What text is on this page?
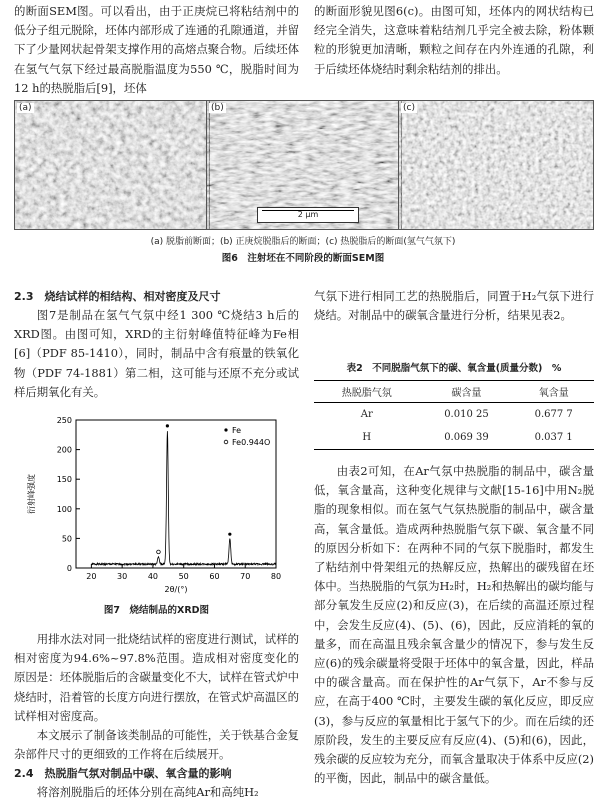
的断面SEM图。可以看出，由于正庚烷已将粘结剂中的低分子组元脱除，坯体内部形成了连通的孔隙通道，并留下了少量网状起骨架支撑作用的高熔点聚合物。后续坯体在氢气气氛下经过最高脱脂温度为550 ℃，脱脂时间为12 h的热脱脂后[9]，坯体

的断面形貌见图6(c)。由图可知，坯体内的网状结构已经完全消失，这意味着粘结剂几乎完全被去除，粉体颗粒的形貌更加清晰，颗粒之间存在内外连通的孔隙，利于后续坯体烧结时剩余粘结剂的排出。

(a)	(b)
2 μm
(c)
(a) 脱脂前断面；(b) 正庚烷脱脂后的断面；(c) 热脱脂后的断面(氢气气氛下)
图6　注射坯在不同阶段的断面SEM图

2.3　烧结试样的相结构、相对密度及尺寸

图7是制品在氢气气氛中经1 300 ℃烧结3 h后的XRD图。由图可知，XRD的主衍射峰值特征峰为Fe相[6]（PDF 85-1410），同时，制品中含有痕量的铁氧化物（PDF 74-1881）第二相，这可能与还原不充分或试样后期氧化有关。

20	30	40	50	60	70	80
0
50
100
150
200
250
2θ/(°)
衍射峰强度
Fe
Fe0.944O
图7　烧结制品的XRD图

用排水法对同一批烧结试样的密度进行测试，试样的相对密度为94.6%~97.8%范围。造成相对密度变化的原因是：坯体脱脂后的含碳量变化不大，试样在管式炉中烧结时，沿着管的长度方向进行摆放，在管式炉高温区的试样相对密度高。

本文展示了制备该类制品的可能性，关于铁基合金复杂部件尺寸的更细致的工作将在后续展开。

2.4　热脱脂气氛对制品中碳、氧含量的影响

将溶剂脱脂后的坯体分别在高纯Ar和高纯H₂

气氛下进行相同工艺的热脱脂后，同置于H₂气氛下进行烧结。对制品中的碳氧含量进行分析，结果见表2。

表2　不同脱脂气氛下的碳、氧含量(质量分数)　%
热脱脂气氛	碳含量	氧含量
Ar	0.010 25	0.677 7
H	0.069 39	0.037 1

由表2可知，在Ar气氛中热脱脂的制品中，碳含量低，氧含量高，这种变化规律与文献[15-16]中用N₂脱脂的现象相似。而在氢气气氛热脱脂的制品中，碳含量高，氧含量低。造成两种热脱脂气氛下碳、氧含量不同的原因分析如下：在两种不同的气氛下脱脂时，都发生了粘结剂中骨架组元的热解反应，热解出的碳残留在坯体中。当热脱脂的气氛为H₂时，H₂和热解出的碳均能与部分氧发生反应(2)和反应(3)，在后续的高温还原过程中，会发生反应(4)、(5)、(6)，因此，反应消耗的氧的量多，而在高温且残余氧含量少的情况下，参与发生反应(6)的残余碳量将受限于坯体中的氧含量，因此，样品中的碳含量高。而在保护性的Ar气氛下，Ar不参与反应，在高于400 ℃时，主要发生碳的氧化反应，即反应(3)，参与反应的氧量相比于氢气下的少。而在后续的还原阶段，发生的主要反应有反应(4)、(5)和(6)，因此，残余碳的反应较为充分，而氧含量取决于体系中反应(2)的平衡，因此，制品中的碳含量低。
